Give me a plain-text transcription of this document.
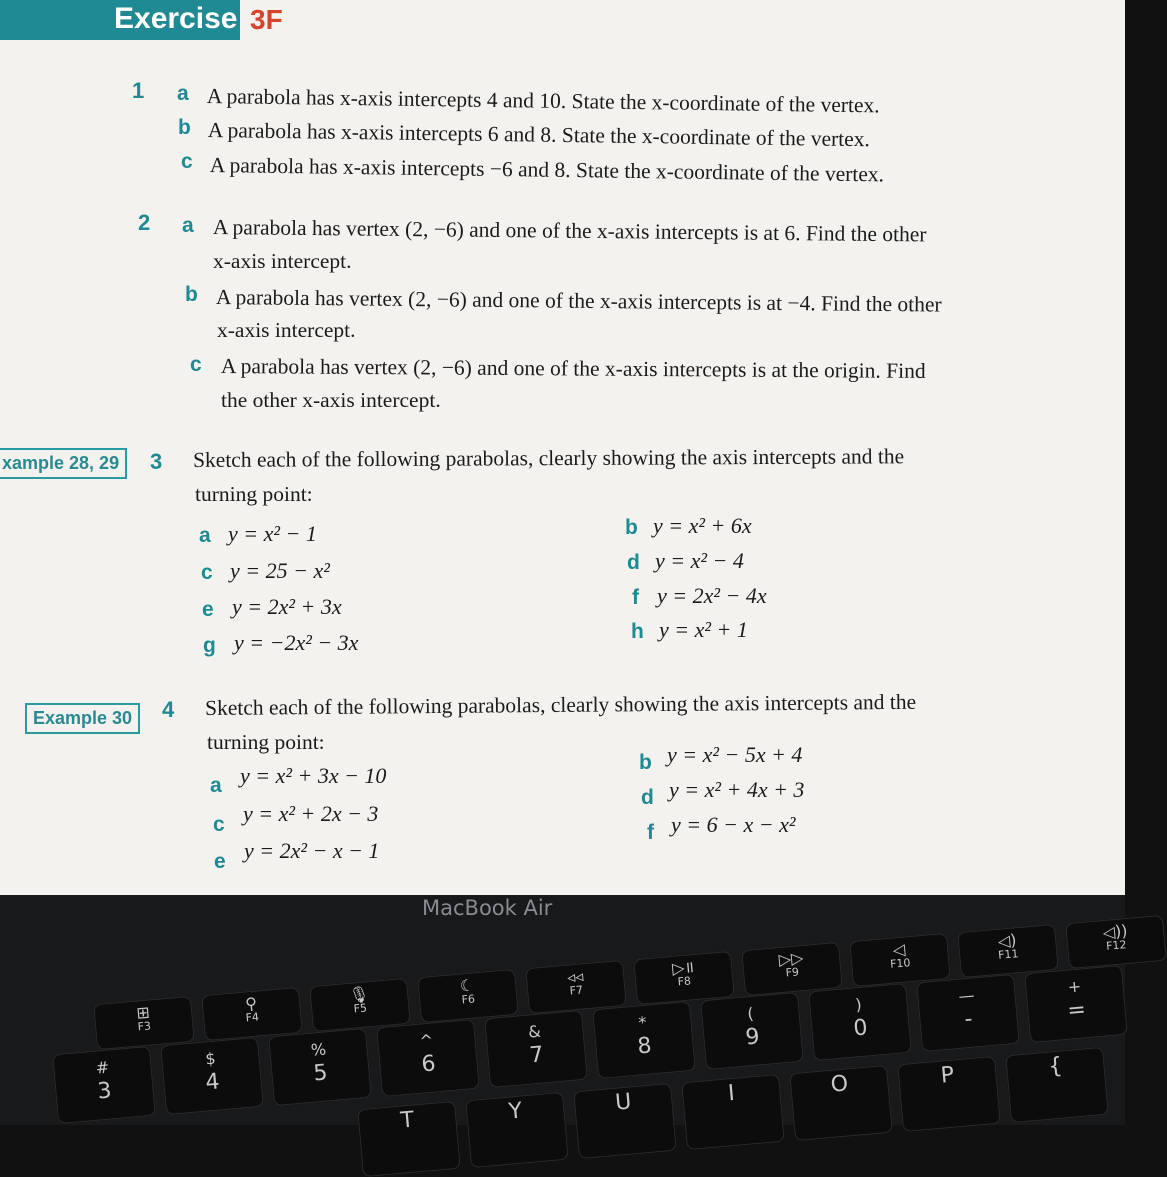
Exercise 3F
1 a A parabola has x-axis intercepts 4 and 10. State the x-coordinate of the vertex.
b A parabola has x-axis intercepts 6 and 8. State the x-coordinate of the vertex.
c A parabola has x-axis intercepts −6 and 8. State the x-coordinate of the vertex.
2 a A parabola has vertex (2, −6) and one of the x-axis intercepts is at 6. Find the other
x-axis intercept.
b A parabola has vertex (2, −6) and one of the x-axis intercepts is at −4. Find the other
x-axis intercept.
c A parabola has vertex (2, −6) and one of the x-axis intercepts is at the origin. Find
the other x-axis intercept.
xample 28, 29	3 Sketch each of the following parabolas, clearly showing the axis intercepts and the
turning point:
a y = x² − 1	b y = x² + 6x
c y = 25 − x²	d y = x² − 4
e y = 2x² + 3x	f y = 2x² − 4x
g y = −2x² − 3x	h y = x² + 1
Example 30	4 Sketch each of the following parabolas, clearly showing the axis intercepts and the
turning point:
a y = x² + 3x − 10
b y = x² − 5x + 4
c y = x² + 2x − 3
d y = x² + 4x + 3
e y = 2x² − x − 1
f y = 6 − x − x²
MacBook Air
⊞
F3
⚲
F4
🎙
F5
☾
F6
◃◃
F7
▷॥
F8
▷▷
F9
◁
F10
◁)
F11
◁))
F12
#
3
$
4
%
5
^
6
&
7
*
8
(
9
)
0
—
-
+
=
T	Y	U	I	O	P	{
